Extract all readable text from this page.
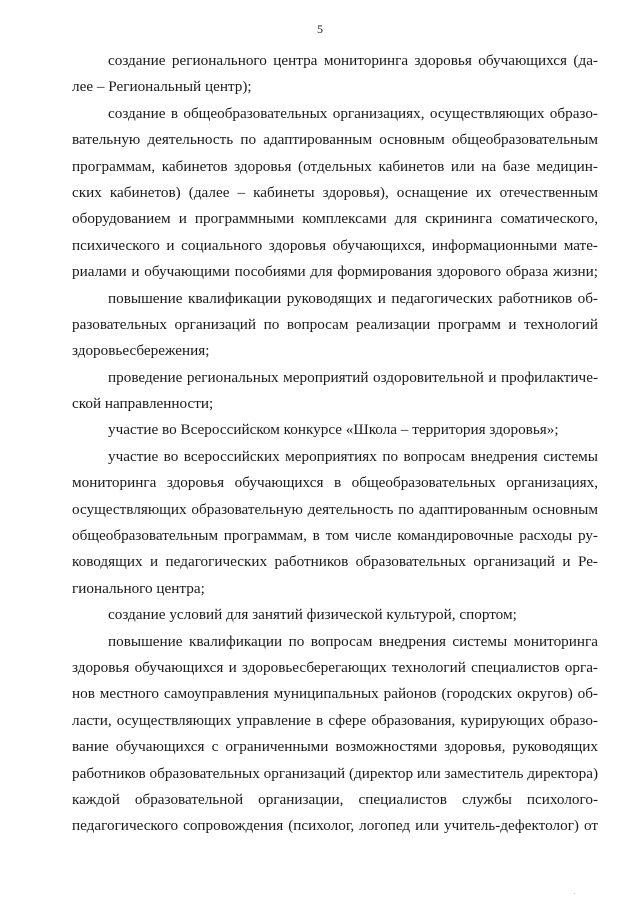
5
создание регионального центра мониторинга здоровья обучающихся (да-
лее – Региональный центр);
создание в общеобразовательных организациях, осуществляющих образо-
вательную деятельность по адаптированным основным общеобразовательным
программам, кабинетов здоровья (отдельных кабинетов или на базе медицин-
ских кабинетов) (далее – кабинеты здоровья), оснащение их отечественным
оборудованием и программными комплексами для скрининга соматического,
психического и социального здоровья обучающихся, информационными мате-
риалами и обучающими пособиями для формирования здорового образа жизни;
повышение квалификации руководящих и педагогических работников об-
разовательных организаций по вопросам реализации программ и технологий
здоровьесбережения;
проведение региональных мероприятий оздоровительной и профилактиче-
ской направленности;
участие во Всероссийском конкурсе «Школа – территория здоровья»;
участие во всероссийских мероприятиях по вопросам внедрения системы
мониторинга здоровья обучающихся в общеобразовательных организациях,
осуществляющих образовательную деятельность по адаптированным основным
общеобразовательным программам, в том числе командировочные расходы ру-
ководящих и педагогических работников образовательных организаций и Ре-
гионального центра;
создание условий для занятий физической культурой, спортом;
повышение квалификации по вопросам внедрения системы мониторинга
здоровья обучающихся и здоровьесберегающих технологий специалистов орга-
нов местного самоуправления муниципальных районов (городских округов) об-
ласти, осуществляющих управление в сфере образования, курирующих образо-
вание обучающихся с ограниченными возможностями здоровья, руководящих
работников образовательных организаций (директор или заместитель директора)
каждой образовательной организации, специалистов службы психолого-
педагогического сопровождения (психолог, логопед или учитель-дефектолог) от
.
